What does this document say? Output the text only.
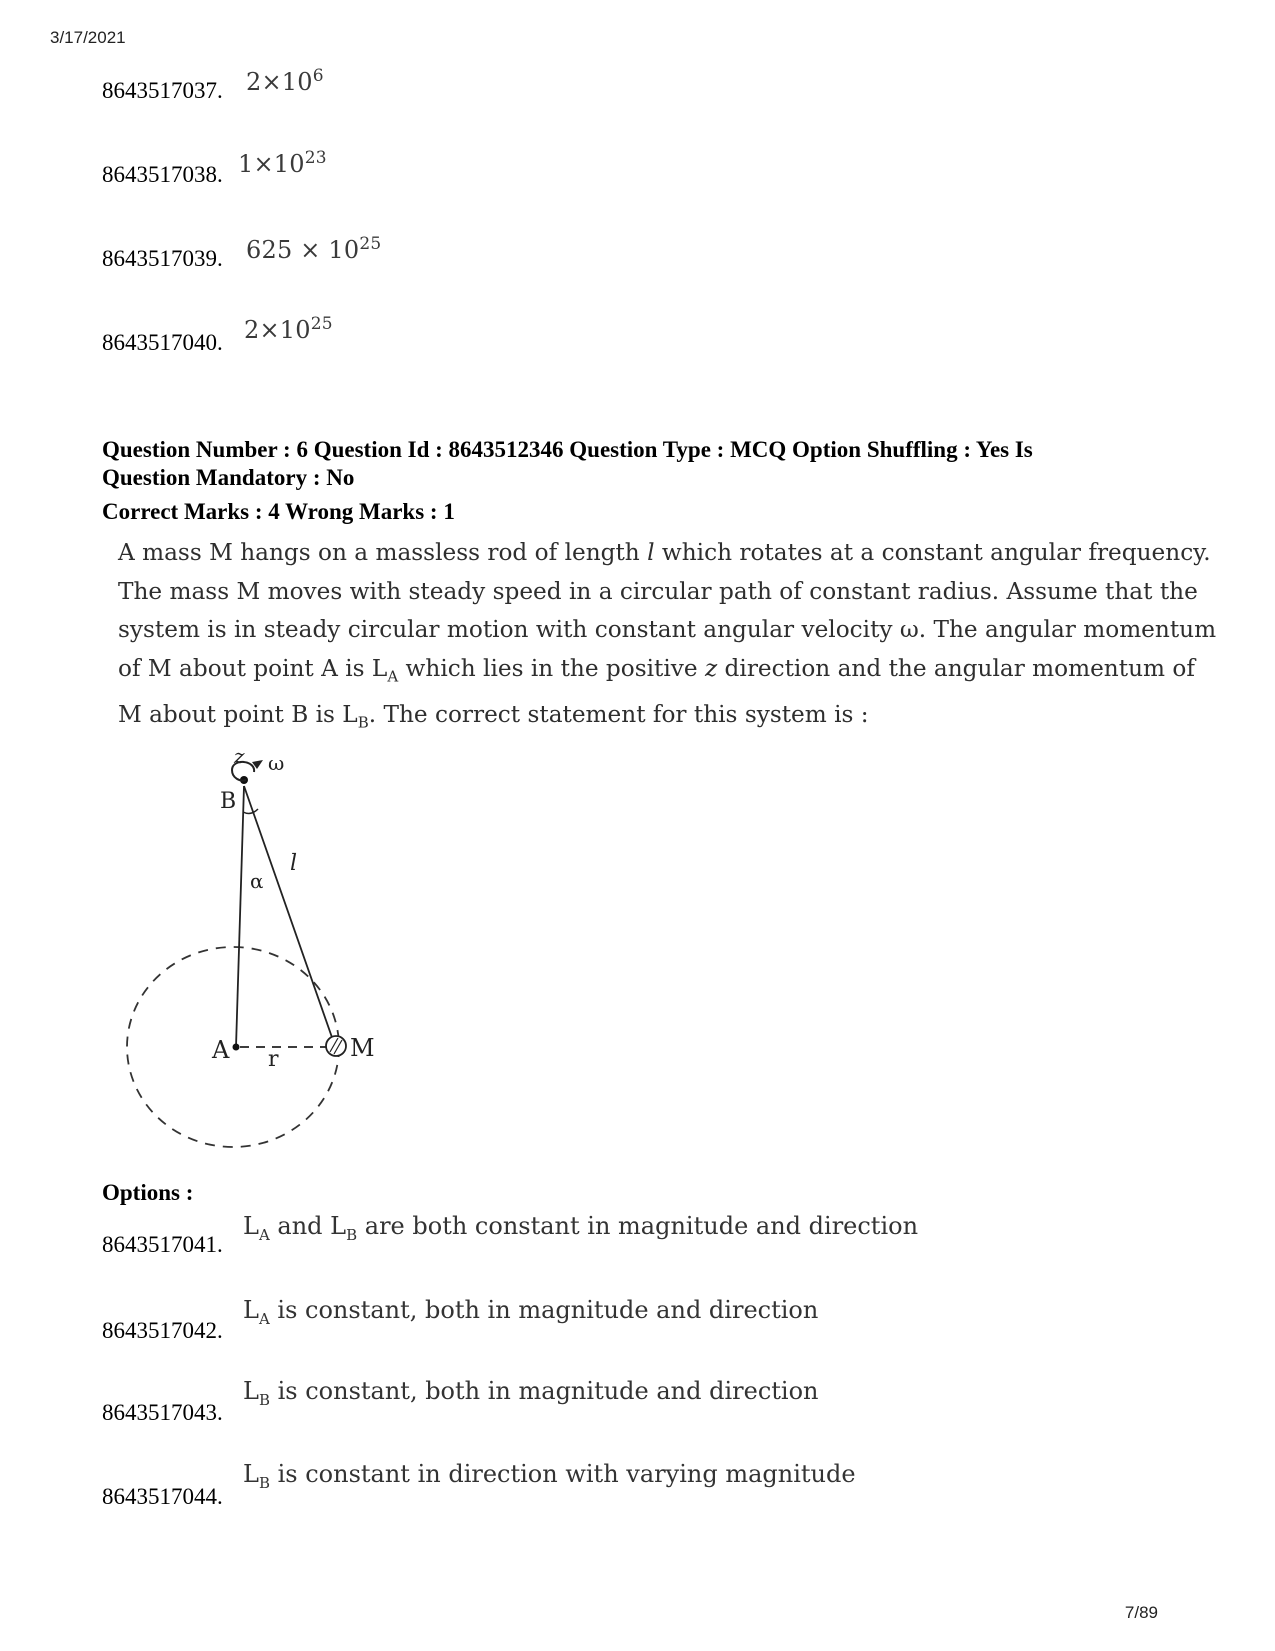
3/17/2021
8643517037. $2\times 10^6$
8643517038. $1\times 10^{23}$
8643517039. $625 \times 10^{25}$
8643517040. $2\times 10^{25}$
Question Number : 6 Question Id : 8643512346 Question Type : MCQ Option Shuffling : Yes Is
Question Mandatory : No
Correct Marks : 4 Wrong Marks : 1

A mass M hangs on a massless rod of length l which rotates at a constant angular frequency.

The mass M moves with steady speed in a circular path of constant radius. Assume that the

system is in steady circular motion with constant angular velocity ω. The angular momentum

of M about point A is $L_A$ which lies in the positive z direction and the angular momentum of

M about point B is $L_B$. The correct statement for this system is :

z ω
B
l
α
A r	M
Options :
8643517041.
$L_A$ and $L_B$ are both constant in magnitude and direction
8643517042.
$L_A$ is constant, both in magnitude and direction
8643517043.
$L_B$ is constant, both in magnitude and direction
8643517044.
$L_B$ is constant in direction with varying magnitude
7/89
